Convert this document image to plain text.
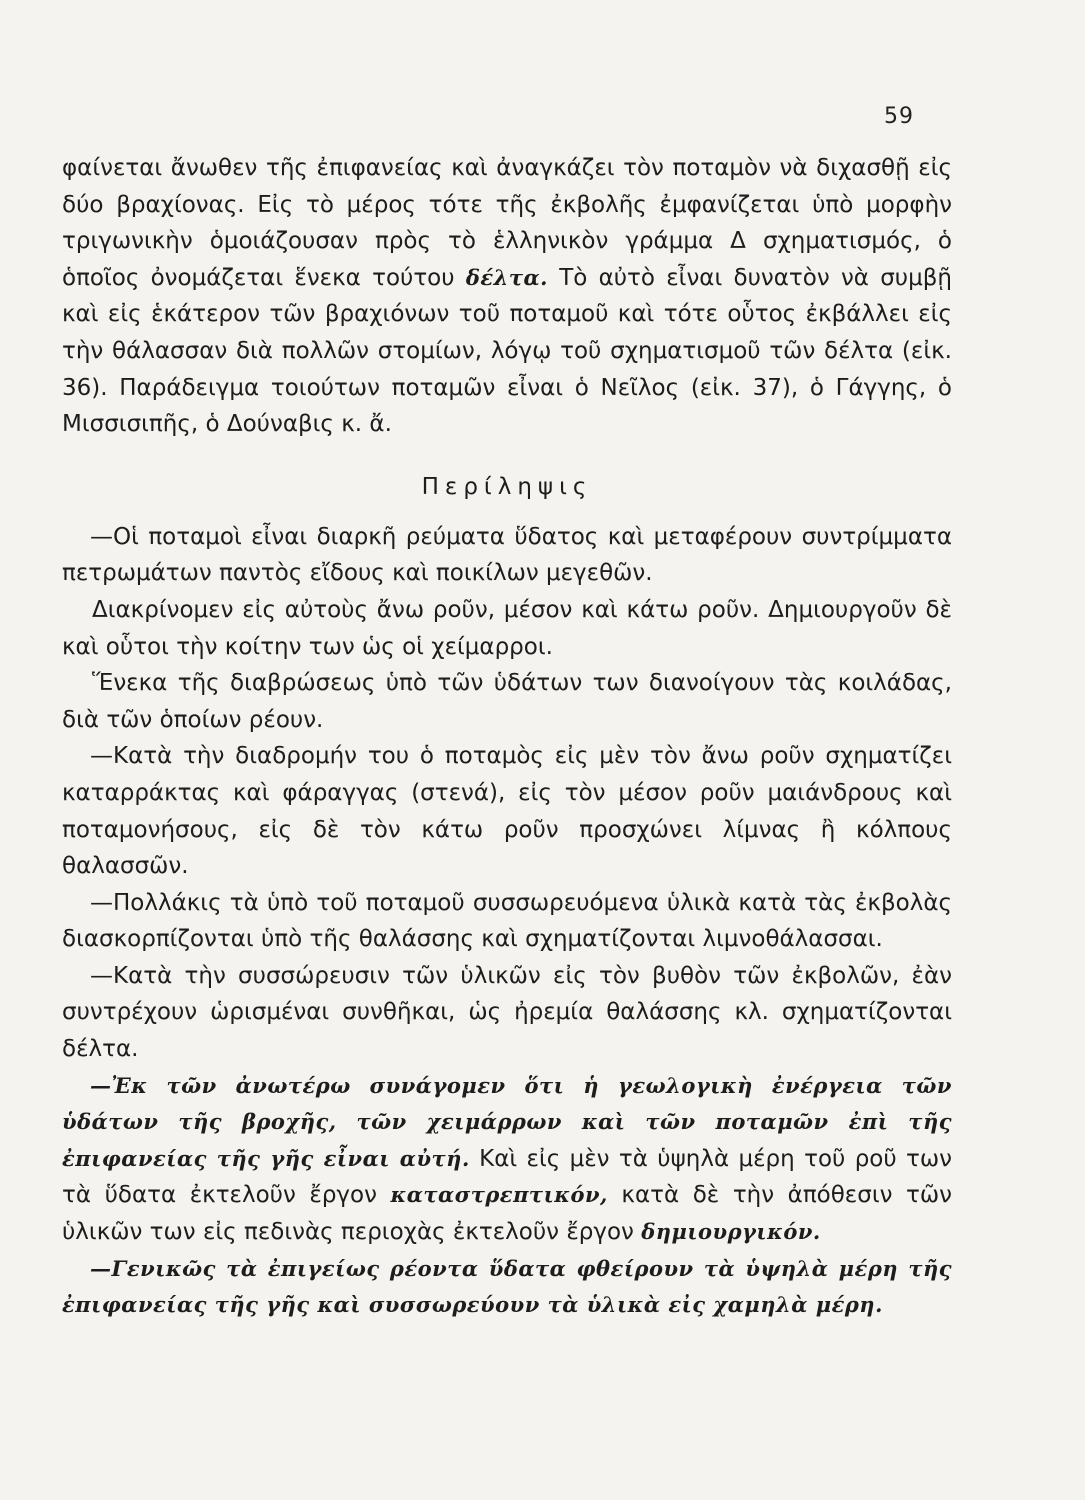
59

φαίνεται ἄνωθεν τῆς ἐπιφανείας καὶ ἀναγκάζει τὸν ποταμὸν νὰ διχασθῇ εἰς δύο βραχίονας. Εἰς τὸ μέρος τότε τῆς ἐκβολῆς ἐμφανίζεται ὑπὸ μορφὴν τριγωνικὴν ὁμοιάζουσαν πρὸς τὸ ἑλληνικὸν γράμμα Δ σχηματισμός, ὁ ὁποῖος ὀνομάζεται ἕνεκα τούτου δέλτα. Τὸ αὐτὸ εἶναι δυνατὸν νὰ συμβῇ καὶ εἰς ἑκάτερον τῶν βραχιόνων τοῦ ποταμοῦ καὶ τότε οὗτος ἐκβάλλει εἰς τὴν θάλασσαν διὰ πολλῶν στομίων, λόγῳ τοῦ σχηματισμοῦ τῶν δέλτα (εἰκ. 36). Παράδειγμα τοιούτων ποταμῶν εἶναι ὁ Νεῖλος (εἰκ. 37), ὁ Γάγγης, ὁ Μισσισιπῆς, ὁ Δούναβις κ. ἄ.

Περίληψις

—Οἱ ποταμοὶ εἶναι διαρκῆ ρεύματα ὕδατος καὶ μεταφέρουν συντρίμματα πετρωμάτων παντὸς εἴδους καὶ ποικίλων μεγεθῶν.

Διακρίνομεν εἰς αὐτοὺς ἄνω ρoῦν, μέσον καὶ κάτω ροῦν. Δημιουργοῦν δὲ καὶ οὗτοι τὴν κοίτην των ὡς οἱ χείμαρροι.

Ἕνεκα τῆς διαβρώσεως ὑπὸ τῶν ὑδάτων των διανοίγουν τὰς κοιλάδας, διὰ τῶν ὁποίων ρέουν.

—Κατὰ τὴν διαδρομήν του ὁ ποταμὸς εἰς μὲν τὸν ἄνω ροῦν σχηματίζει καταρράκτας καὶ φάραγγας (στενά), εἰς τὸν μέσον ροῦν μαιάνδρους καὶ ποταμονήσους, εἰς δὲ τὸν κάτω ροῦν προσχώνει λίμνας ἢ κόλπους θαλασσῶν.

—Πολλάκις τὰ ὑπὸ τοῦ ποταμοῦ συσσωρευόμενα ὑλικὰ κατὰ τὰς ἐκβολὰς διασκορπίζονται ὑπὸ τῆς θαλάσσης καὶ σχηματίζονται λιμνοθάλασσαι.

—Κατὰ τὴν συσσώρευσιν τῶν ὑλικῶν εἰς τὸν βυθὸν τῶν ἐκβολῶν, ἐὰν συντρέχουν ὡρισμέναι συνθῆκαι, ὡς ἠρεμία θαλάσσης κλ. σχηματίζονται δέλτα.

—Ἐκ τῶν ἀνωτέρω συνάγομεν ὅτι ἡ γεωλογικὴ ἐνέργεια τῶν ὑδάτων τῆς βροχῆς, τῶν χειμάρρων καὶ τῶν ποταμῶν ἐπὶ τῆς ἐπιφανείας τῆς γῆς εἶναι αὐτή. Καὶ εἰς μὲν τὰ ὑψηλὰ μέρη τοῦ ροῦ των τὰ ὕδατα ἐκτελοῦν ἔργον καταστρεπτικόν, κατὰ δὲ τὴν ἀπόθεσιν τῶν ὑλικῶν των εἰς πεδινὰς περιοχὰς ἐκτελοῦν ἔργον δημιουργικόν.

—Γενικῶς τὰ ἐπιγείως ρέοντα ὕδατα φθείρουν τὰ ὑψηλὰ μέρη τῆς ἐπιφανείας τῆς γῆς καὶ συσσωρεύουν τὰ ὑλικὰ εἰς χαμηλὰ μέρη.
